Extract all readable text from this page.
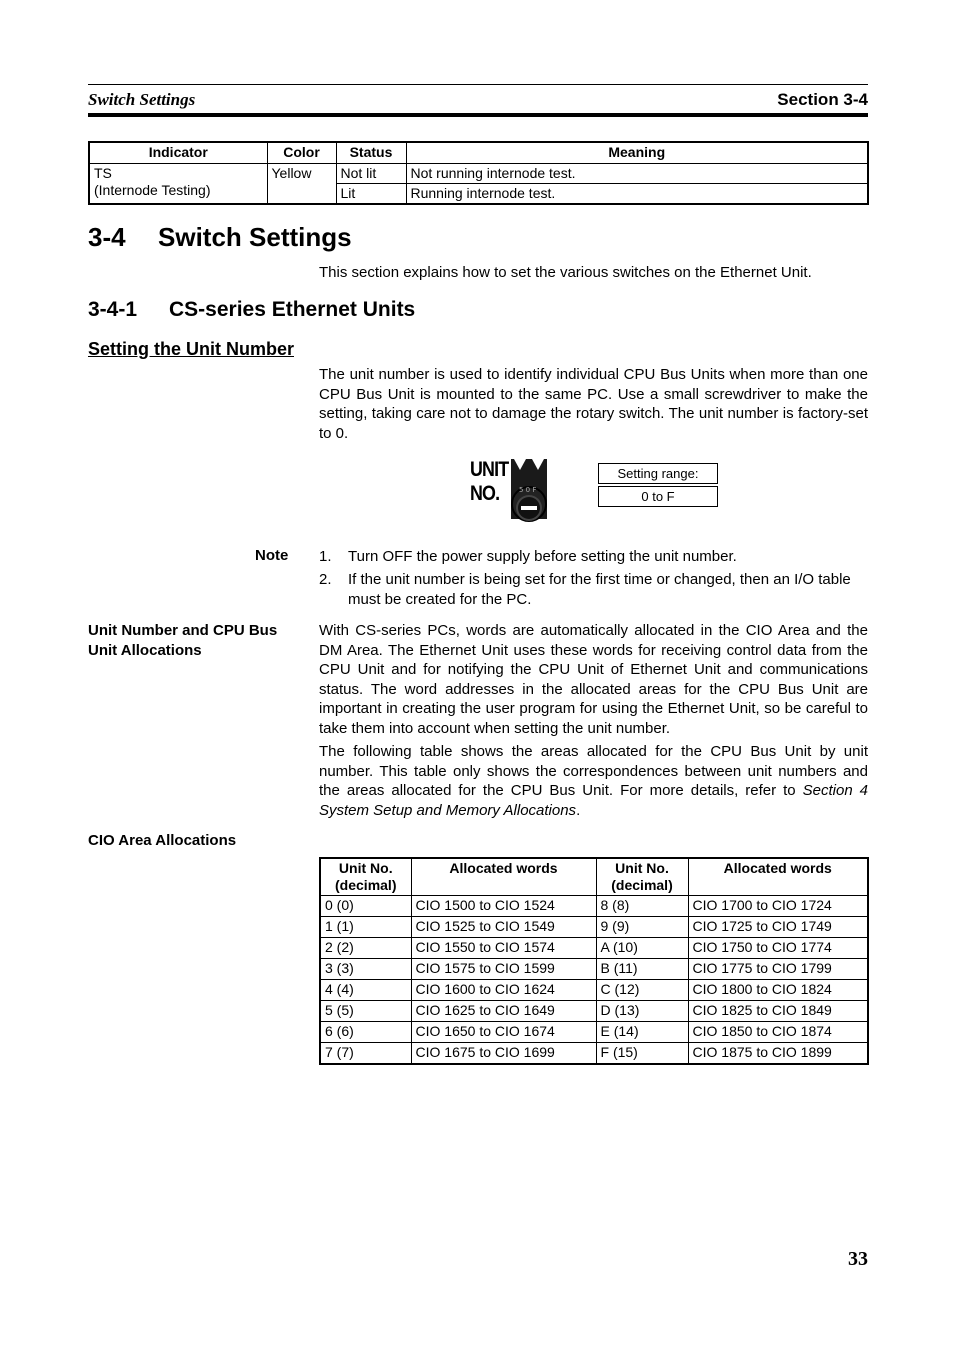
Switch Settings	Section 3-4
Indicator	Color	Status	Meaning

TS
(Internode Testing)	Yellow	Not lit	Not running internode test.
		Lit	Running internode test.
3-4 Switch Settings
This section explains how to set the various switches on the Ethernet Unit.
3-4-1 CS-series Ethernet Units
Setting the Unit Number

The unit number is used to identify individual CPU Bus Units when more than one CPU Bus Unit is mounted to the same PC. Use a small screwdriver to make the setting, taking care not to damage the rotary switch. The unit number is factory-set to 0.

UNIT
NO.	5 0 F
Setting range:
0 to F
Note 1. Turn OFF the power supply before setting the unit number.
2. If the unit number is being set for the first time or changed, then an I/O table must be created for the PC.
Unit Number and CPU Bus
Unit Allocations

With CS-series PCs, words are automatically allocated in the CIO Area and the DM Area. The Ethernet Unit uses these words for receiving control data from the CPU Unit and for notifying the CPU Unit of Ethernet Unit and communications status. The word addresses in the allocated areas for the CPU Bus Unit are important in creating the user program for using the Ethernet Unit, so be careful to take them into account when setting the unit number.

The following table shows the areas allocated for the CPU Bus Unit by unit number. This table only shows the correspondences between unit numbers and the areas allocated for the CPU Bus Unit. For more details, refer to Section 4 System Setup and Memory Allocations.

CIO Area Allocations
Unit No. (decimal)	Allocated words	Unit No. (decimal)	Allocated words
0 (0)	CIO 1500 to CIO 1524	8 (8)	CIO 1700 to CIO 1724
1 (1)	CIO 1525 to CIO 1549	9 (9)	CIO 1725 to CIO 1749
2 (2)	CIO 1550 to CIO 1574	A (10)	CIO 1750 to CIO 1774
3 (3)	CIO 1575 to CIO 1599	B (11)	CIO 1775 to CIO 1799
4 (4)	CIO 1600 to CIO 1624	C (12)	CIO 1800 to CIO 1824
5 (5)	CIO 1625 to CIO 1649	D (13)	CIO 1825 to CIO 1849
6 (6)	CIO 1650 to CIO 1674	E (14)	CIO 1850 to CIO 1874
7 (7)	CIO 1675 to CIO 1699	F (15)	CIO 1875 to CIO 1899
33
